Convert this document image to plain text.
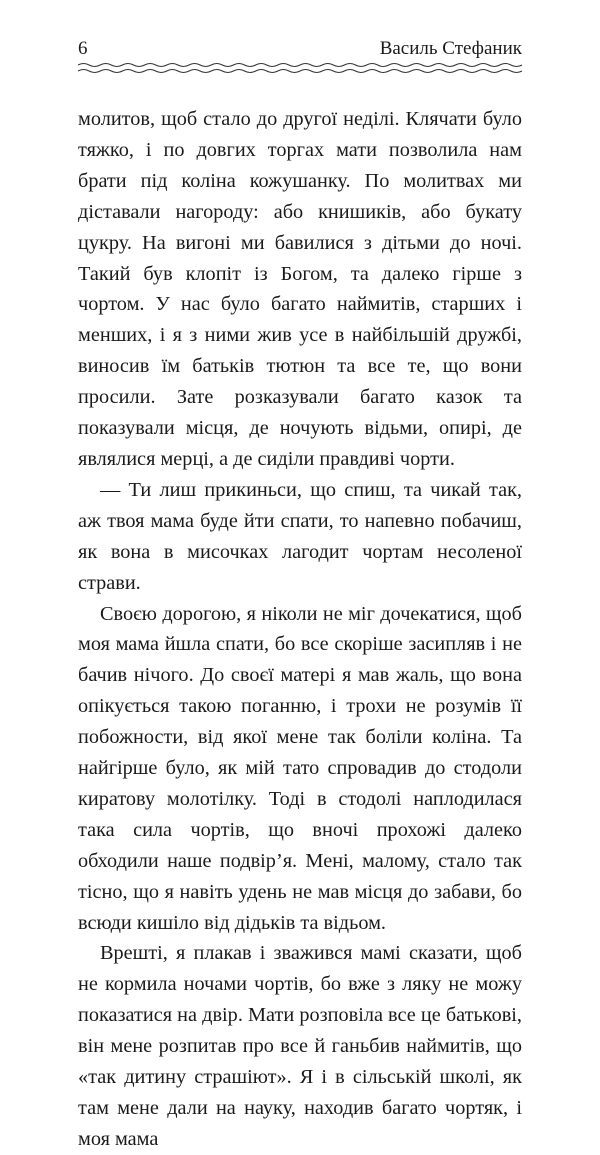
6	Василь Стефаник

молитов, щоб стало до другої неділі. Клячати було тяжко, і по довгих торгах мати позволила нам брати під коліна кожушанку. По молитвах ми діставали нагороду: або книшиків, або букату цукру. На вигоні ми бавилися з дітьми до ночі. Такий був клопіт із Богом, та далеко гірше з чортом. У нас було багато наймитів, старших і менших, і я з ними жив усе в найбільшій дружбі, виносив їм батьків тютюн та все те, що вони просили. Зате розказували багато казок та показували місця, де ночують відьми, опирі, де являлися мерці, а де сиділи правдиві чорти.

— Ти лиш прикиньси, що спиш, та чикай так, аж твоя мама буде йти спати, то напевно побачиш, як вона в мисочках лагодит чортам несоленої страви.

Своєю дорогою, я ніколи не міг дочекатися, щоб моя мама йшла спати, бо все скоріше засипляв і не бачив нічого. До своєї матері я мав жаль, що вона опікується такою поганню, і трохи не розумів її побожности, від якої мене так боліли коліна. Та найгірше було, як мій тато спровадив до стодоли киратову молотілку. Тоді в стодолі наплодилася така сила чортів, що вночі прохожі далеко обходили наше подвір’я. Мені, малому, стало так тісно, що я навіть удень не мав місця до забави, бо всюди кишіло від дідьків та відьом.

Врешті, я плакав і зважився мамі сказати, щоб не кормила ночами чортів, бо вже з ляку не можу показатися на двір. Мати розповіла все це батькові, він мене розпитав про все й ганьбив наймитів, що «так дитину страшіют». Я і в сільській школі, як там мене дали на науку, находив багато чортяк, і моя мама
